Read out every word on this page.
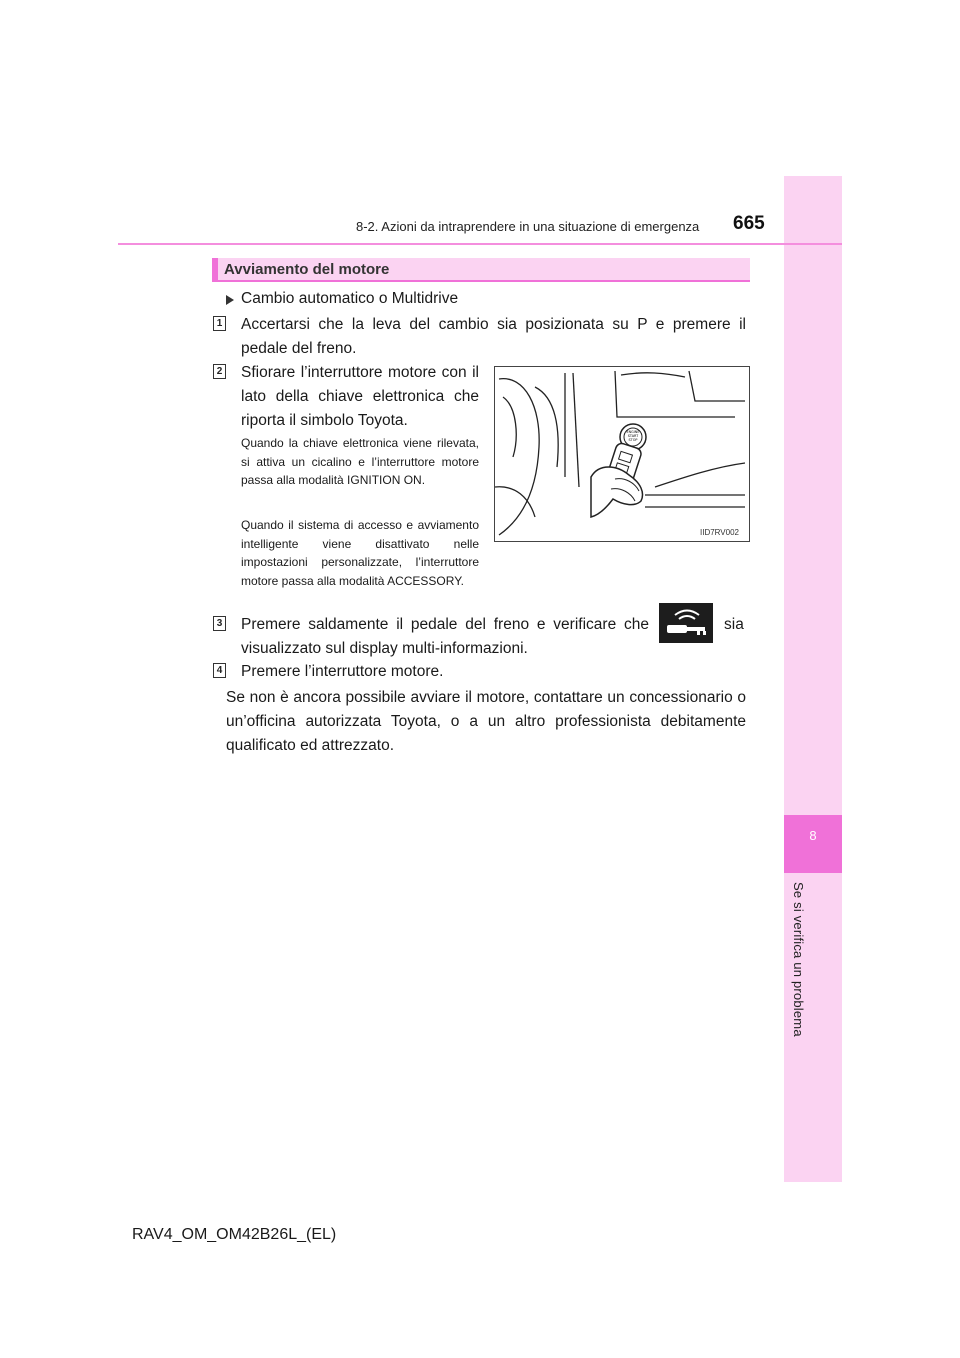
8
Se si verifica un problema
8-2. Azioni da intraprendere in una situazione di emergenza 665
Avviamento del motore
Cambio automatico o Multidrive
1 Accertarsi che la leva del cambio sia posizionata su P e premere il pedale del freno.
2 Sfiorare l’interruttore motore con il lato della chiave elettronica che riporta il simbolo Toyota.
Quando la chiave elettronica viene rilevata, si attiva un cicalino e l’interruttore motore passa alla modalità IGNITION ON.
Quando il sistema di accesso e avviamento intelligente viene disattivato nelle impostazioni personalizzate, l’interruttore motore passa alla modalità ACCESSORY.
ENGINE
START
STOP
IID7RV002
3 Premere saldamente il pedale del freno e verificare che	sia
visualizzato sul display multi-informazioni.
4 Premere l’interruttore motore.
Se non è ancora possibile avviare il motore, contattare un concessionario o un’officina autorizzata Toyota, o a un altro professionista debitamente qualificato ed attrezzato.
RAV4_OM_OM42B26L_(EL)
